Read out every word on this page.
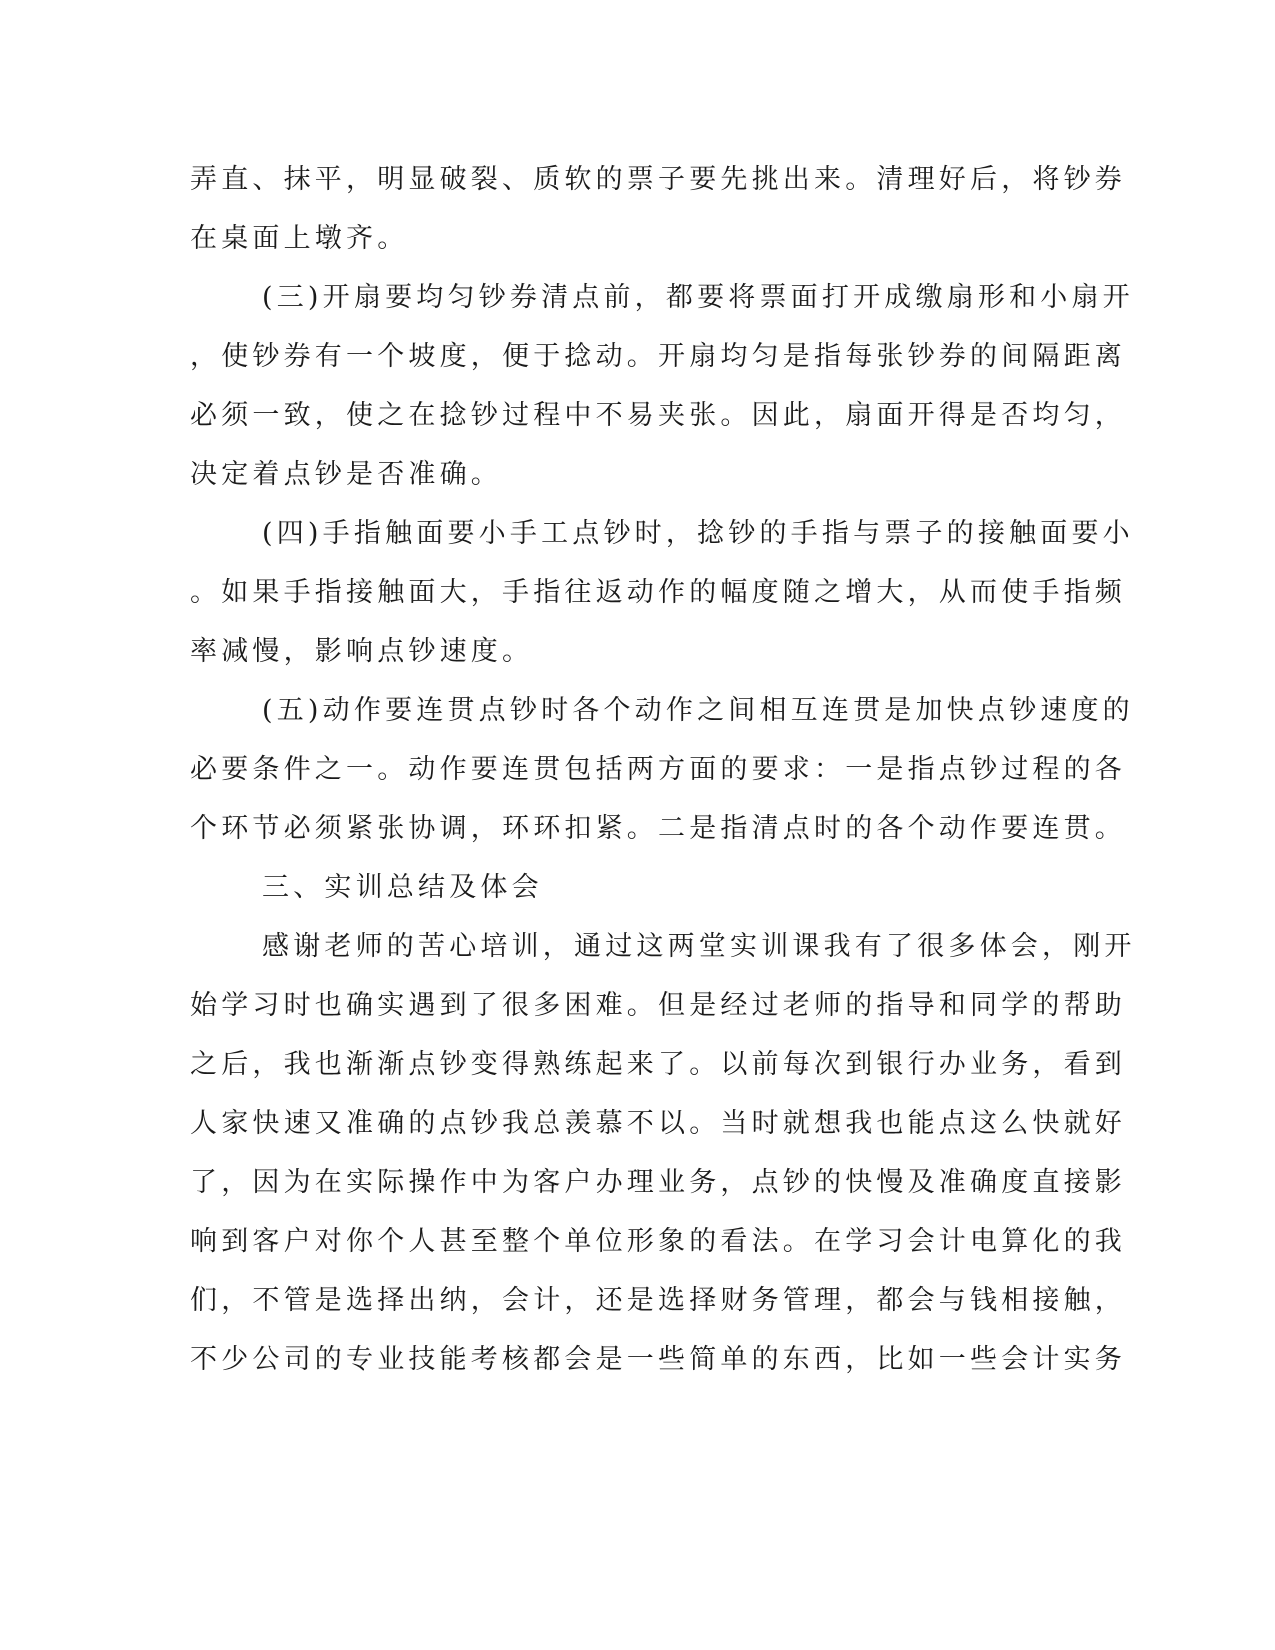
弄直、抹平，明显破裂、质软的票子要先挑出来。清理好后，将钞券

在桌面上墩齐。

(三)开扇要均匀钞券清点前，都要将票面打开成缴扇形和小扇开

，使钞券有一个坡度，便于捻动。开扇均匀是指每张钞券的间隔距离

必须一致，使之在捻钞过程中不易夹张。因此，扇面开得是否均匀，

决定着点钞是否准确。

(四)手指触面要小手工点钞时，捻钞的手指与票子的接触面要小

。如果手指接触面大，手指往返动作的幅度随之增大，从而使手指频

率减慢，影响点钞速度。

(五)动作要连贯点钞时各个动作之间相互连贯是加快点钞速度的

必要条件之一。动作要连贯包括两方面的要求：一是指点钞过程的各

个环节必须紧张协调，环环扣紧。二是指清点时的各个动作要连贯。

三、实训总结及体会

感谢老师的苦心培训，通过这两堂实训课我有了很多体会，刚开

始学习时也确实遇到了很多困难。但是经过老师的指导和同学的帮助

之后，我也渐渐点钞变得熟练起来了。以前每次到银行办业务，看到

人家快速又准确的点钞我总羡慕不以。当时就想我也能点这么快就好

了，因为在实际操作中为客户办理业务，点钞的快慢及准确度直接影

响到客户对你个人甚至整个单位形象的看法。在学习会计电算化的我

们，不管是选择出纳，会计，还是选择财务管理，都会与钱相接触，

不少公司的专业技能考核都会是一些简单的东西，比如一些会计实务
